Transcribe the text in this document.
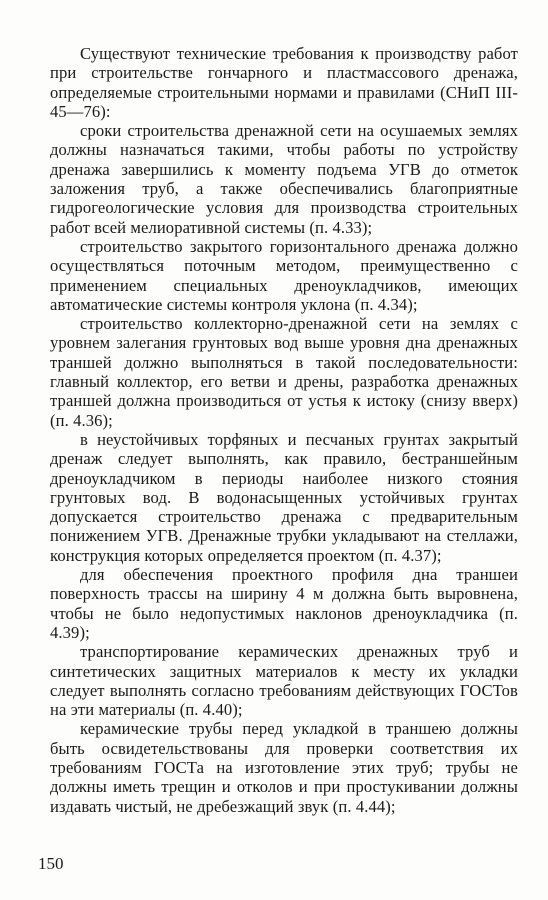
Существуют технические требования к производству работ при строительстве гончарного и пластмассового дренажа, определяемые строительными нормами и правилами (СНиП III-45—76):

сроки строительства дренажной сети на осушаемых землях должны назначаться такими, чтобы работы по устройству дренажа завершились к моменту подъема УГВ до отметок заложения труб, а также обеспечивались благоприятные гидрогеологические условия для производства строительных работ всей мелиоративной системы (п. 4.33);

строительство закрытого горизонтального дренажа должно осуществляться поточным методом, преимущественно с применением специальных дреноукладчиков, имеющих автоматические системы контроля уклона (п. 4.34);

строительство коллекторно-дренажной сети на землях с уровнем залегания грунтовых вод выше уровня дна дренажных траншей должно выполняться в такой последовательности: главный коллектор, его ветви и дрены, разработка дренажных траншей должна производиться от устья к истоку (снизу вверх) (п. 4.36);

в неустойчивых торфяных и песчаных грунтах закрытый дренаж следует выполнять, как правило, бестраншейным дреноукладчиком в периоды наиболее низкого стояния грунтовых вод. В водонасыщенных устойчивых грунтах допускается строительство дренажа с предварительным понижением УГВ. Дренажные трубки укладывают на стеллажи, конструкция которых определяется проектом (п. 4.37);

для обеспечения проектного профиля дна траншеи поверхность трассы на ширину 4 м должна быть выровнена, чтобы не было недопустимых наклонов дреноукладчика (п. 4.39);

транспортирование керамических дренажных труб и синтетических защитных материалов к месту их укладки следует выполнять согласно требованиям действующих ГОСТов на эти материалы (п. 4.40);

керамические трубы перед укладкой в траншею должны быть освидетельствованы для проверки соответствия их требованиям ГОСТа на изготовление этих труб; трубы не должны иметь трещин и отколов и при простукивании должны издавать чистый, не дребезжащий звук (п. 4.44);

150
